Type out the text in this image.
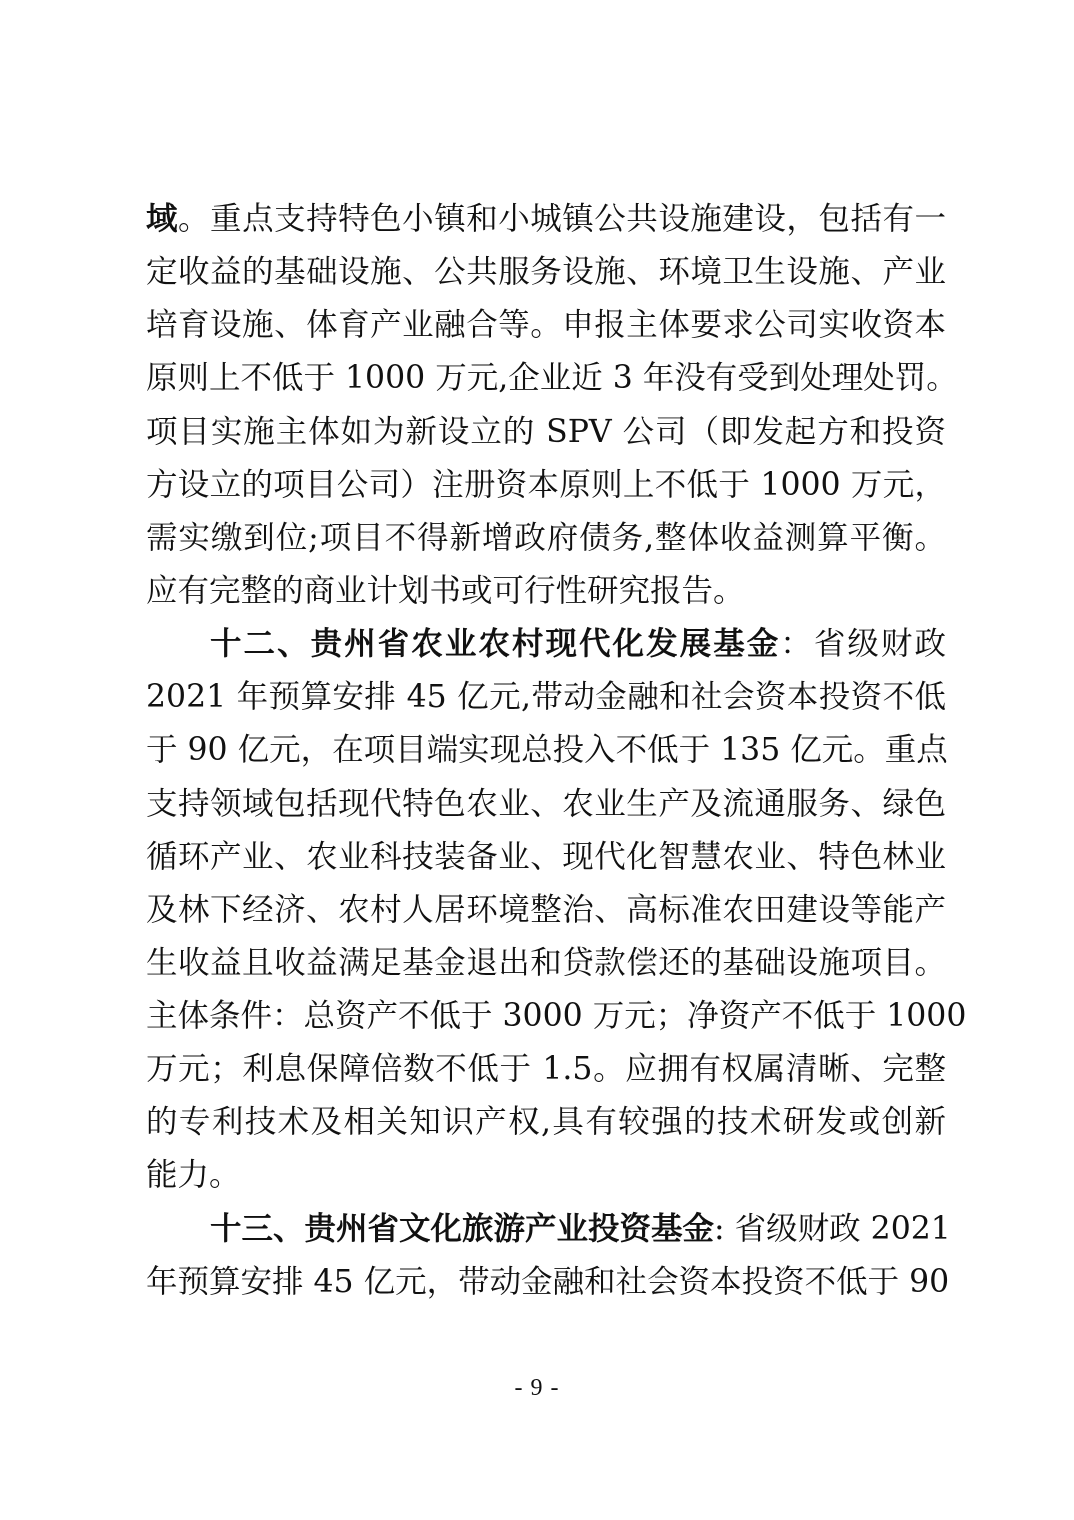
域。重点支持特色小镇和小城镇公共设施建设，包括有一
定收益的基础设施、公共服务设施、环境卫生设施、产业
培育设施、体育产业融合等。申报主体要求公司实收资本
原则上不低于 1000 万元,企业近 3 年没有受到处理处罚。
项目实施主体如为新设立的 SPV 公司（即发起方和投资
方设立的项目公司）注册资本原则上不低于 1000 万元，
需实缴到位;项目不得新增政府债务,整体收益测算平衡。
应有完整的商业计划书或可行性研究报告。
十二、贵州省农业农村现代化发展基金：省级财政
2021 年预算安排 45 亿元,带动金融和社会资本投资不低
于 90 亿元，在项目端实现总投入不低于 135 亿元。重点
支持领域包括现代特色农业、农业生产及流通服务、绿色
循环产业、农业科技装备业、现代化智慧农业、特色林业
及林下经济、农村人居环境整治、高标准农田建设等能产
生收益且收益满足基金退出和贷款偿还的基础设施项目。
主体条件：总资产不低于 3000 万元；净资产不低于 1000
万元；利息保障倍数不低于 1.5。应拥有权属清晰、完整
的专利技术及相关知识产权,具有较强的技术研发或创新
能力。
十三、贵州省文化旅游产业投资基金: 省级财政 2021
年预算安排 45 亿元，带动金融和社会资本投资不低于 90
- 9 -
